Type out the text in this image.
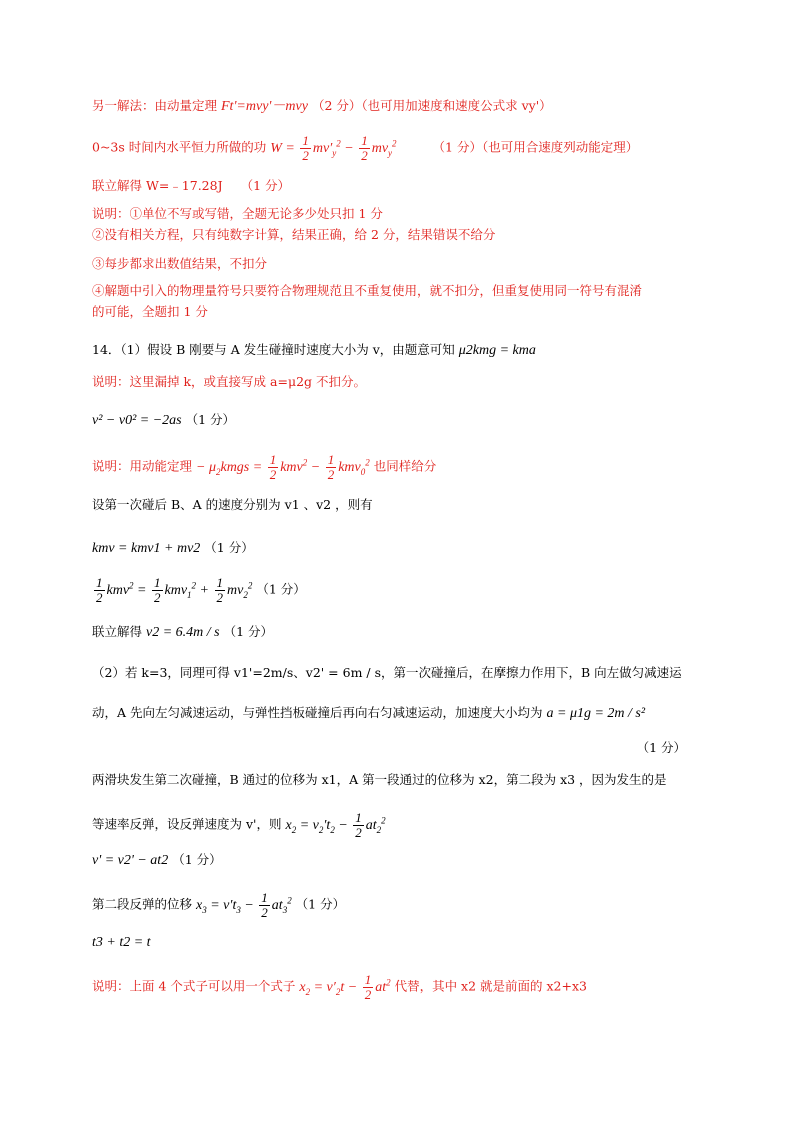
另一解法：由动量定理 Ft'=mvy'－mvy （2 分）（也可用加速度和速度公式求 vy'）
0~3s 时间内水平恒力所做的功 $W = \frac{1}{2} mv'_y^2 - \frac{1}{2} mv_y^2$	（1 分）（也可用合速度列动能定理）
联立解得 W=﹣17.28J （1 分）
说明：①单位不写或写错，全题无论多少处只扣 1 分
②没有相关方程，只有纯数字计算，结果正确，给 2 分，结果错误不给分
③每步都求出数值结果，不扣分
④解题中引入的物理量符号只要符合物理规范且不重复使用，就不扣分，但重复使用同一符号有混淆
的可能，全题扣 1 分
14．（1）假设 B 刚要与 A 发生碰撞时速度大小为 v，由题意可知 μ2kmg = kma
说明：这里漏掉 k，或直接写成 a=μ2g 不扣分。
v² − v0² = −2as （1 分）
说明：用动能定理 − $\mu_2kmgs = \frac{1}{2} kmv^2 - \frac{1}{2} kmv_0^2$ 也同样给分
设第一次碰后 B、A 的速度分别为 v1 、v2 ，则有
kmv = kmv1 + mv2 （1 分）
$\frac{1}{2} kmv^2 = \frac{1}{2} kmv_1^2 + \frac{1}{2} mv_2^2$ （1 分）
联立解得 v2 = 6.4m / s （1 分）
（2）若 k=3，同理可得 v1'=2m/s、v2' = 6m / s，第一次碰撞后，在摩擦力作用下，B 向左做匀减速运
动，A 先向左匀减速运动，与弹性挡板碰撞后再向右匀减速运动，加速度大小均为 a = μ1g = 2m / s²
（1 分）
两滑块发生第二次碰撞，B 通过的位移为 x1，A 第一段通过的位移为 x2，第二段为 x3 ，因为发生的是
等速率反弹，设反弹速度为 v'，则 $x_2 = v_2't_2 - \frac{1}{2} at_2^2$
v' = v2' − at2 （1 分）
第二段反弹的位移 $x_3 = v't_3 - \frac{1}{2} at_3^2$ （1 分）
t3 + t2 = t
说明：上面 4 个式子可以用一个式子 $x_2 = v'_2t - \frac{1}{2} at^2$ 代替，其中 x2 就是前面的 x2+x3
